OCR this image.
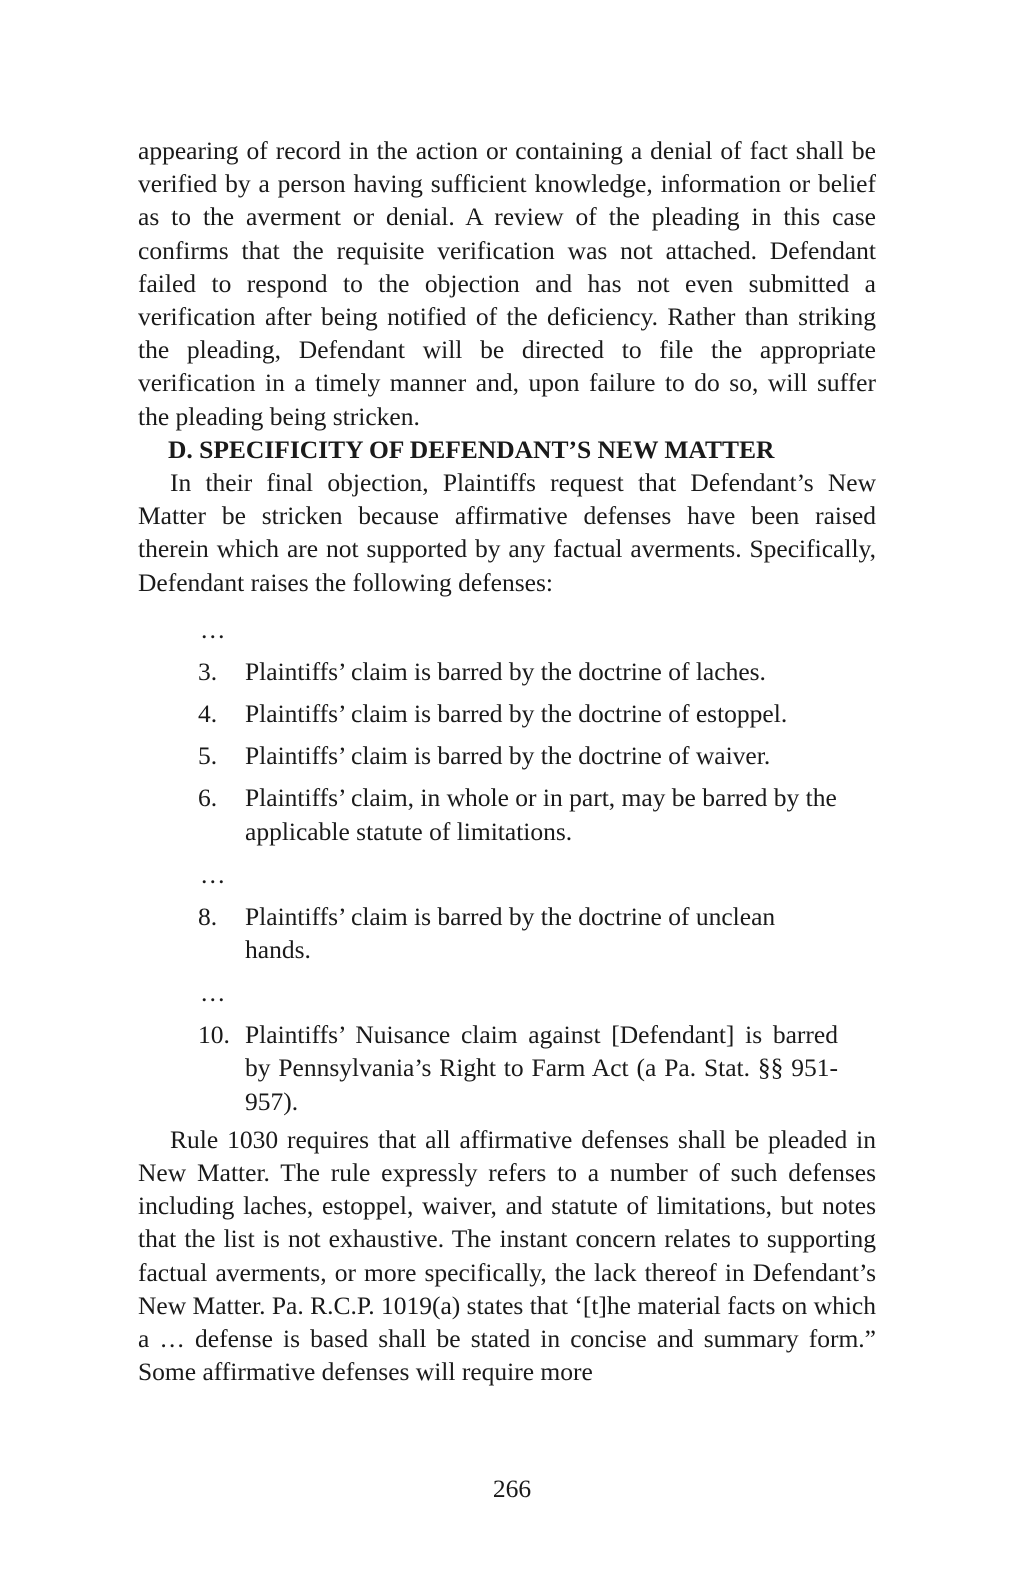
appearing of record in the action or containing a denial of fact shall be verified by a person having sufficient knowledge, information or belief as to the averment or denial. A review of the pleading in this case confirms that the requisite verification was not attached. Defendant failed to respond to the objection and has not even submitted a verification after being notified of the deficiency. Rather than striking the pleading, Defendant will be directed to file the appropriate verification in a timely manner and, upon failure to do so, will suffer the pleading being stricken.

D. SPECIFICITY OF DEFENDANT’S NEW MATTER

In their final objection, Plaintiffs request that Defendant’s New Matter be stricken because affirmative defenses have been raised therein which are not supported by any factual averments. Specifically, Defendant raises the following defenses:

…

3.	Plaintiffs’ claim is barred by the doctrine of laches.
4.	Plaintiffs’ claim is barred by the doctrine of estoppel.
5.	Plaintiffs’ claim is barred by the doctrine of waiver.
6.	Plaintiffs’ claim, in whole or in part, may be barred by the applicable statute of limitations.

…

8.	Plaintiffs’ claim is barred by the doctrine of unclean hands.

…

10. Plaintiffs’ Nuisance claim against [Defendant] is barred by Pennsylvania’s Right to Farm Act (a Pa. Stat. §§ 951-957).

Rule 1030 requires that all affirmative defenses shall be pleaded in New Matter. The rule expressly refers to a number of such defenses including laches, estoppel, waiver, and statute of limitations, but notes that the list is not exhaustive. The instant concern relates to supporting factual averments, or more specifically, the lack thereof in Defendant’s New Matter. Pa. R.C.P. 1019(a) states that ‘[t]he material facts on which a … defense is based shall be stated in concise and summary form.” Some affirmative defenses will require more

266
